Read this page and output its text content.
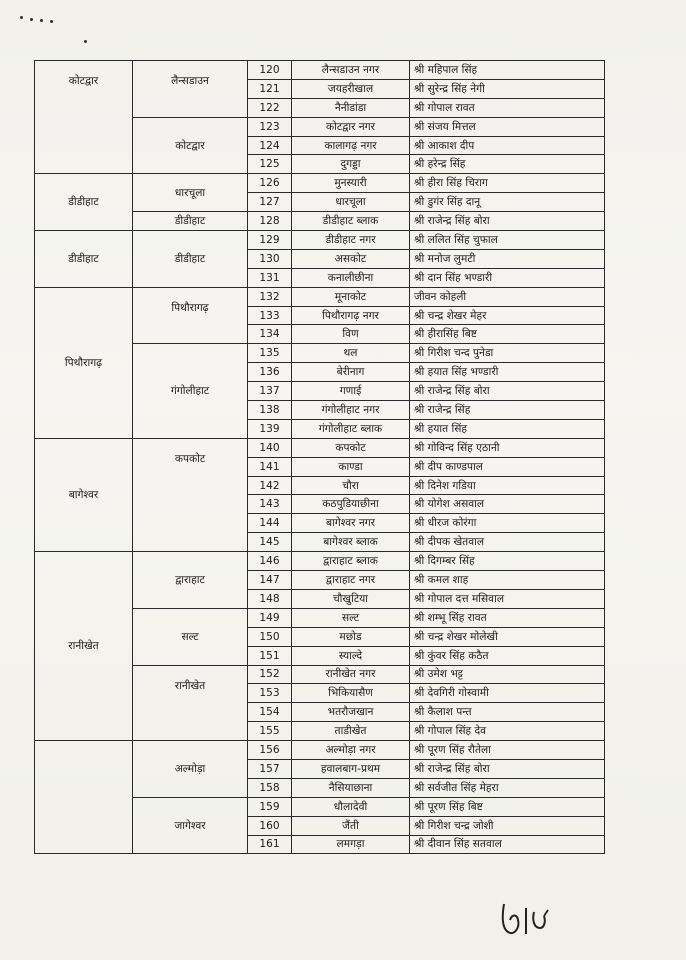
कोटद्वार	लैन्सडाउन	120	लैन्सडाउन नगर	श्री महिपाल सिंह
		121	जयहरीखाल	श्री सुरेन्द्र सिंह नेगी
		122	नैनीडांडा	श्री गोपाल रावत
	कोटद्वार	123	कोटद्वार नगर	श्री संजय मित्तल
		124	कालागढ़ नगर	श्री आकाश दीप
		125	दुगड्डा	श्री हरेन्द्र सिंह
डीडीहाट	धारचूला	126	मुनस्यारी	श्री हीरा सिंह चिराग
		127	धारचूला	श्री डुगंर सिंह दानू
	डीडीहाट	128	डीडीहाट ब्लाक	श्री राजेन्द्र सिंह बोरा
डीडीहाट	डीडीहाट	129	डीडीहाट नगर	श्री ललित सिंह चुफाल
		130	असकोट	श्री मनोज लुमटी
		131	कनालीछीना	श्री दान सिंह भण्डारी
पिथौरागढ़	पिथौरागढ़	132	मूनाकोट	जीवन कोहली
		133	पिथौरागढ़ नगर	श्री चन्द्र शेखर मेहर
		134	विण	श्री हीरासिंह बिष्ट
	गंगोलीहाट	135	थल	श्री गिरीश चन्द पुनेडा
		136	बेरीनाग	श्री हयात सिंह भण्डारी
		137	गणाई	श्री राजेन्द्र सिंह बोरा
		138	गंगोलीहाट नगर	श्री राजेन्द्र सिंह
		139	गंगोलीहाट ब्लाक	श्री हयात सिंह
बागेश्वर	कपकोट	140	कपकोट	श्री गोविन्द सिंह एठानी
		141	काण्डा	श्री दीप काण्डपाल
		142	चौरा	श्री दिनेश गडिया
		143	कठपुडियाछीना	श्री योगेश असवाल
		144	बागेश्वर नगर	श्री धीरज कोरंगा
		145	बागेश्वर ब्लाक	श्री दीपक खेतवाल
रानीखेत	द्वाराहाट	146	द्वाराहाट ब्लाक	श्री दिगम्बर सिंह
		147	द्वाराहाट नगर	श्री कमल शाह
		148	चौखुटिया	श्री गोपाल दत्त मसिवाल
	सल्ट	149	सल्ट	श्री शम्भू सिंह रावत
		150	मछोड	श्री चन्द्र शेखर मोलेखी
		151	स्याल्दे	श्री कुंवर सिंह कठैत
	रानीखेत	152	रानीखेत नगर	श्री उमेश भट्ट
		153	भिकियासैण	श्री देवगिरी गोस्वामी
		154	भतरौजखान	श्री कैलाश पन्त
		155	ताडीखेत	श्री गोपाल सिंह देव
	अल्मोड़ा	156	अल्मोड़ा नगर	श्री पूरण सिंह रौतेला
		157	हवालबाग-प्रथम	श्री राजेन्द्र सिंह बोरा
		158	नैसियाछाना	श्री सर्वजीत सिंह मेहरा
	जागेश्वर	159	धौलादेवी	श्री पूरण सिंह बिष्ट
		160	जैंती	श्री गिरीश चन्द्र जोशी
		161	लमगड़ा	श्री दीवान सिंह सतवाल
